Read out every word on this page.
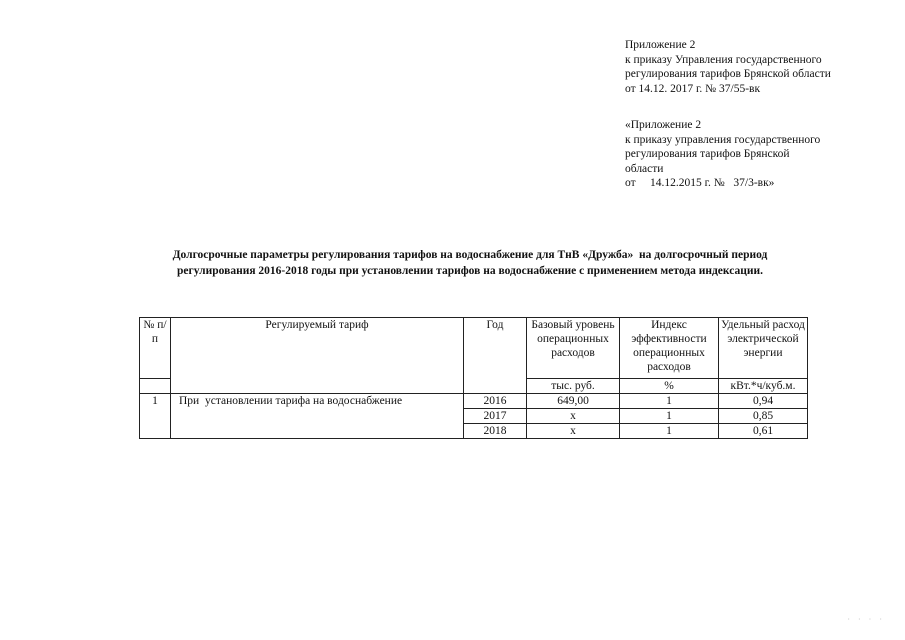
Приложение 2
к приказу Управления государственного
регулирования тарифов Брянской области
от 14.12. 2017 г. № 37/55-вк
«Приложение 2
к приказу управления государственного
регулирования тарифов Брянской
области
от     14.12.2015 г. №   37/3-вк»
Долгосрочные параметры регулирования тарифов на водоснабжение для ТнВ «Дружба»  на долгосрочный период
регулирования 2016-2018 годы при установлении тарифов на водоснабжение с применением метода индексации.
№ п/п	Регулируемый тариф	Год	Базовый уровень операционных расходов	Индекс эффективности операционных расходов	Удельный расход электрической энергии
			тыс. руб.	%	кВт.*ч/куб.м.
1	При  установлении тарифа на водоснабжение	2016	649,00	1	0,94
		2017	x	1	0,85
		2018	x	1	0,61
· · · ·
